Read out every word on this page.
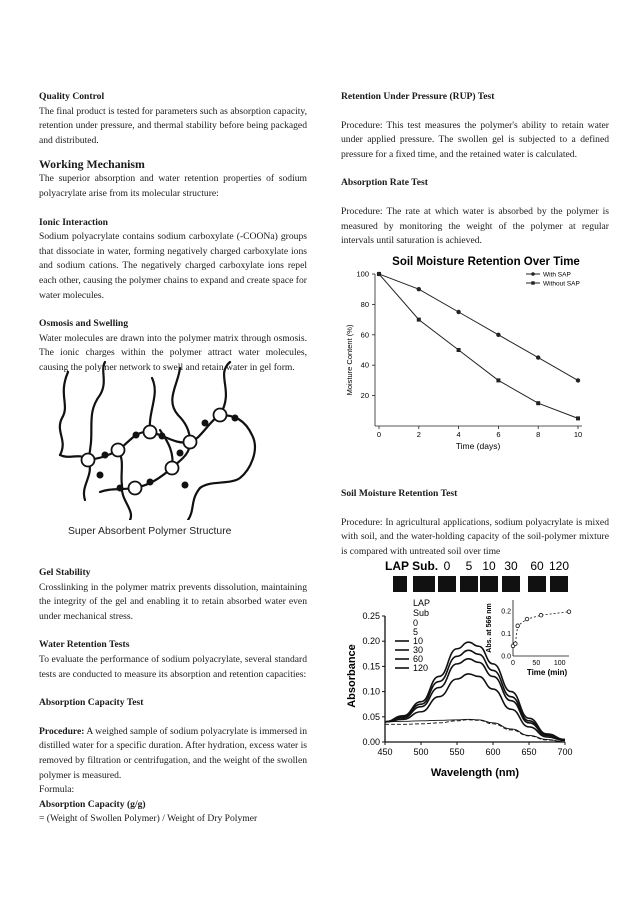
Quality Control

The final product is tested for parameters such as absorption capacity, retention under pressure, and thermal stability before being packaged and distributed.

Working Mechanism

The superior absorption and water retention properties of sodium polyacrylate arise from its molecular structure:

Ionic Interaction

Sodium polyacrylate contains sodium carboxylate (-COONa) groups that dissociate in water, forming negatively charged carboxylate ions and sodium cations. The negatively charged carboxylate ions repel each other, causing the polymer chains to expand and create space for water molecules.

Osmosis and Swelling

Water molecules are drawn into the polymer matrix through osmosis. The ionic charges within the polymer attract water molecules, causing the polymer network to swell and retain water in gel form.

Super Absorbent Polymer Structure
Gel Stability

Crosslinking in the polymer matrix prevents dissolution, maintaining the integrity of the gel and enabling it to retain absorbed water even under mechanical stress.

Water Retention Tests

To evaluate the performance of sodium polyacrylate, several standard tests are conducted to measure its absorption and retention capacities:

Absorption Capacity Test

Procedure: A weighed sample of sodium polyacrylate is immersed in distilled water for a specific duration. After hydration, excess water is removed by filtration or centrifugation, and the weight of the swollen polymer is measured.

Formula:

Absorption Capacity (g/g)

= (Weight of Swollen Polymer) / Weight of Dry Polymer

Retention Under Pressure (RUP) Test

Procedure: This test measures the polymer's ability to retain water under applied pressure. The swollen gel is subjected to a defined pressure for a fixed time, and the retained water is calculated.

Absorption Rate Test

Procedure: The rate at which water is absorbed by the polymer is measured by monitoring the weight of the polymer at regular intervals until saturation is achieved.

Soil Moisture Retention Over Time
Moisture Content (%)
Time (days)
0	2	4	6	8	10
20
40
60
80
100	With SAP
Without SAP
Soil Moisture Retention Test

Procedure: In agricultural applications, sodium polyacrylate is mixed with soil, and the water-holding capacity of the soil-polymer mixture is compared with untreated soil over time

LAP Sub. 0 5 10 30 60 120
Absorbance
Wavelength (nm)
450 500 550 600 650 700
0.00
0.05
0.10
0.15
0.20
0.25
LAP
Sub
0
5
10
30
60
120	0 50 100
0.0
0.1
0.2
Time (min)
Abs. at 566 nm
